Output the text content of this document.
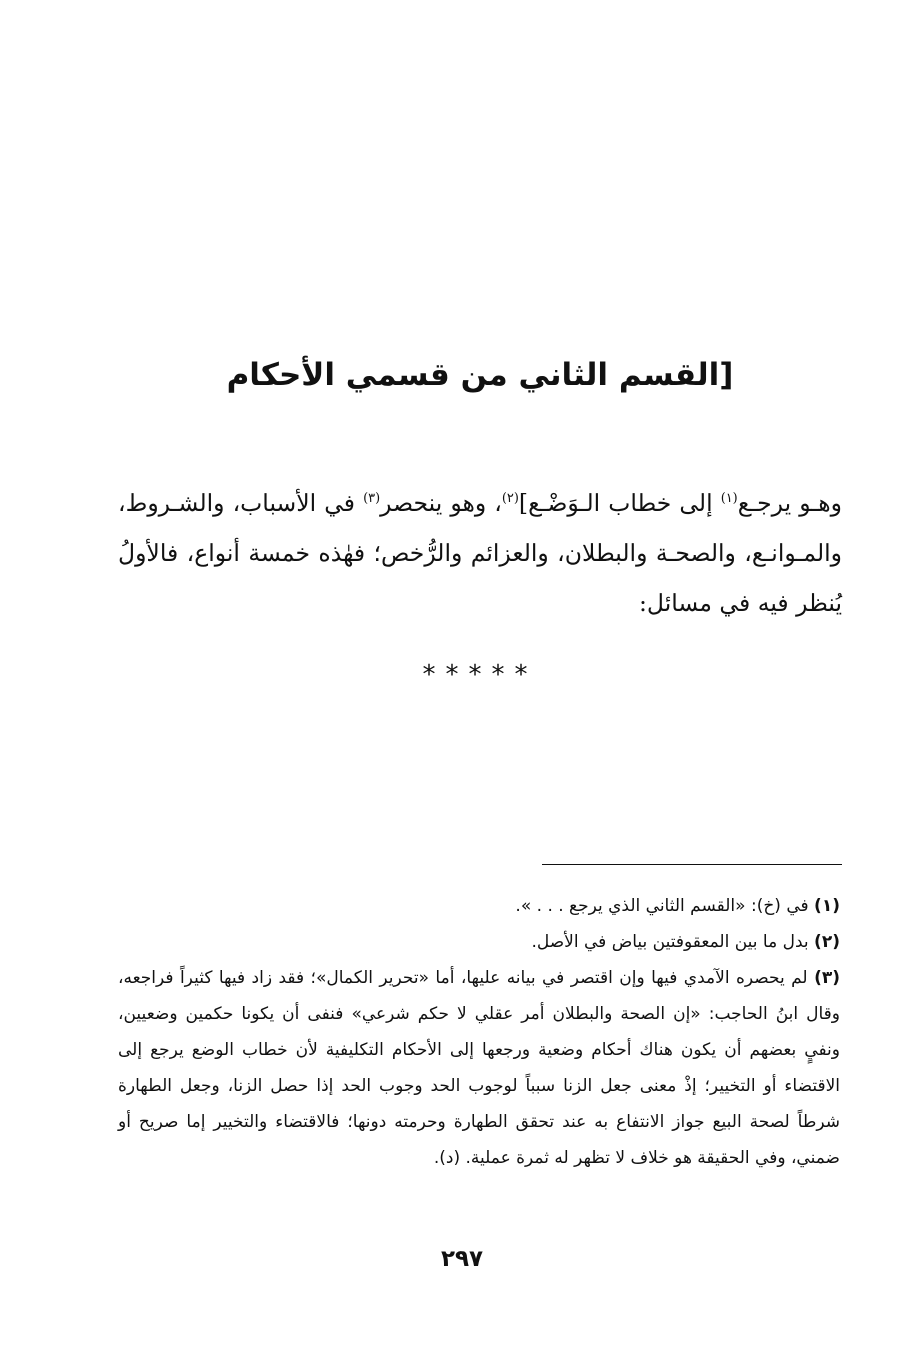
[القسم الثاني من قسمي الأحكام
وهـو يرجـع$^{(١)}$ إلى خطاب الـوَضْـع]$^{(٢)}$، وهو ينحصر$^{(٣)}$ في الأسباب، والشـروط، والمـوانـع، والصحـة والبطلان، والعزائم والرُّخص؛ فهٰذه خمسة أنواع، فالأولُ يُنظر فيه في مسائل:
*****

(١) في (خ): «القسم الثاني الذي يرجع . . . ».

(٢) بدل ما بين المعقوفتين بياض في الأصل.

(٣) لم يحصره الآمدي فيها وإن اقتصر في بيانه عليها، أما «تحرير الكمال»؛ فقد زاد فيها كثيراً فراجعه، وقال ابنُ الحاجب: «إن الصحة والبطلان أمر عقلي لا حكم شرعي» فنفى أن يكونا حكمين وضعيين، ونفيٍ بعضهم أن يكون هناك أحكام وضعية ورجعها إلى الأحكام التكليفية لأن خطاب الوضع يرجع إلى الاقتضاء أو التخيير؛ إذْ معنى جعل الزنا سبباً لوجوب الحد وجوب الحد إذا حصل الزنا، وجعل الطهارة شرطاً لصحة البيع جواز الانتفاع به عند تحقق الطهارة وحرمته دونها؛ فالاقتضاء والتخيير إما صريح أو ضمني، وفي الحقيقة هو خلاف لا تظهر له ثمرة عملية. (د).

٢٩٧
